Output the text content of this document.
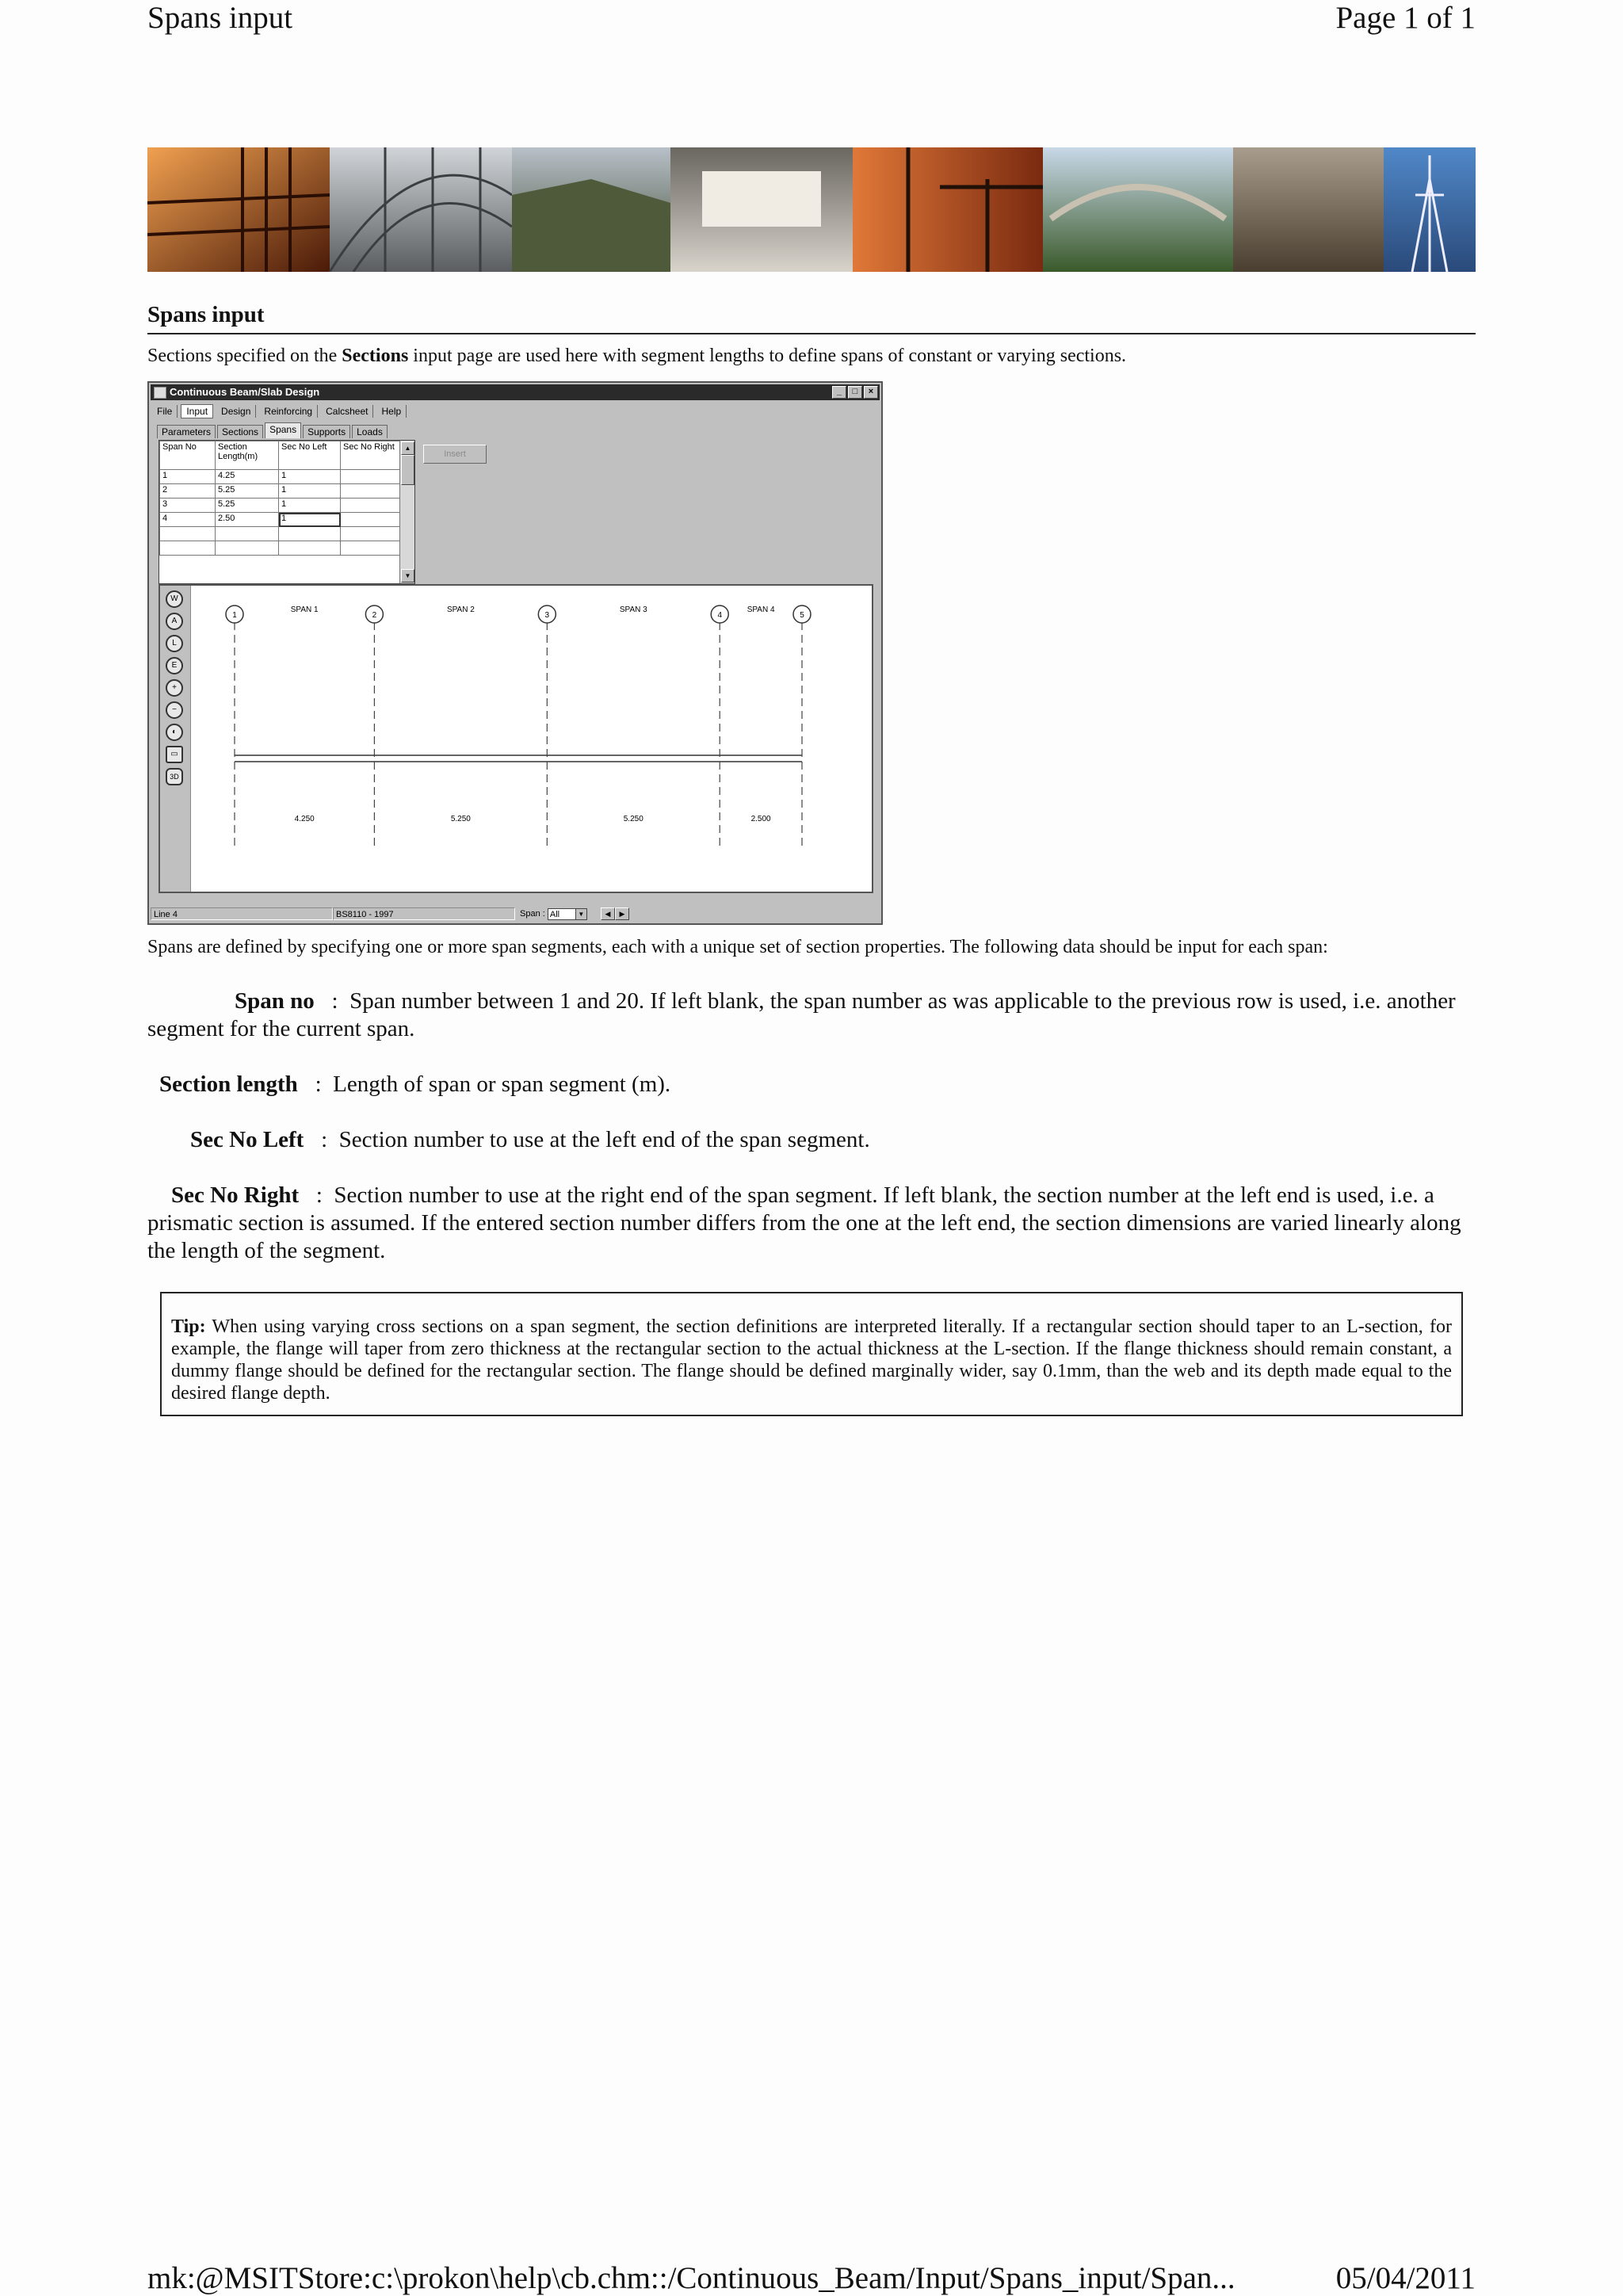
Spans input	Page 1 of 1
Spans input
Sections specified on the Sections input page are used here with segment lengths to define spans of constant or varying sections.
Continuous Beam/Slab Design	_	□	×
File	Input	Design	Reinforcing	Calcsheet	Help
Parameters	Sections	Spans	Supports	Loads
Span No	Section Length(m)	Sec No Left	Sec No Right
1	4.25	1	
2	5.25	1	
3	5.25	1	
4	2.50	1	

▲
▼
Insert
W
A
L
E
+
−
◐
▭
3D
1	2	3	4	5
SPAN 1
4.250
SPAN 2
5.250
SPAN 3
5.250
SPAN 4
2.500
Line 4	BS8110 - 1997	Span : All	▼	◀ ▶
Spans are defined by specifying one or more span segments, each with a unique set of section properties. The following data should be input for each span:
Span no   :  Span number between 1 and 20. If left blank, the span number as was applicable to the previous row is used, i.e. another segment for the current span.
Section length   :  Length of span or span segment (m).
Sec No Left   :  Section number to use at the left end of the span segment.
Sec No Right   :  Section number to use at the right end of the span segment. If left blank, the section number at the left end is used, i.e. a prismatic section is assumed. If the entered section number differs from the one at the left end, the section dimensions are varied linearly along the length of the segment.
Tip: When using varying cross sections on a span segment, the section definitions are interpreted literally. If a rectangular section should taper to an L-section, for example, the flange will taper from zero thickness at the rectangular section to the actual thickness at the L-section. If the flange thickness should remain constant, a dummy flange should be defined for the rectangular section. The flange should be defined marginally wider, say 0.1mm, than the web and its depth made equal to the desired flange depth.
mk:@MSITStore:c:\prokon\help\cb.chm::/Continuous_Beam/Input/Spans_input/Span...	05/04/2011
